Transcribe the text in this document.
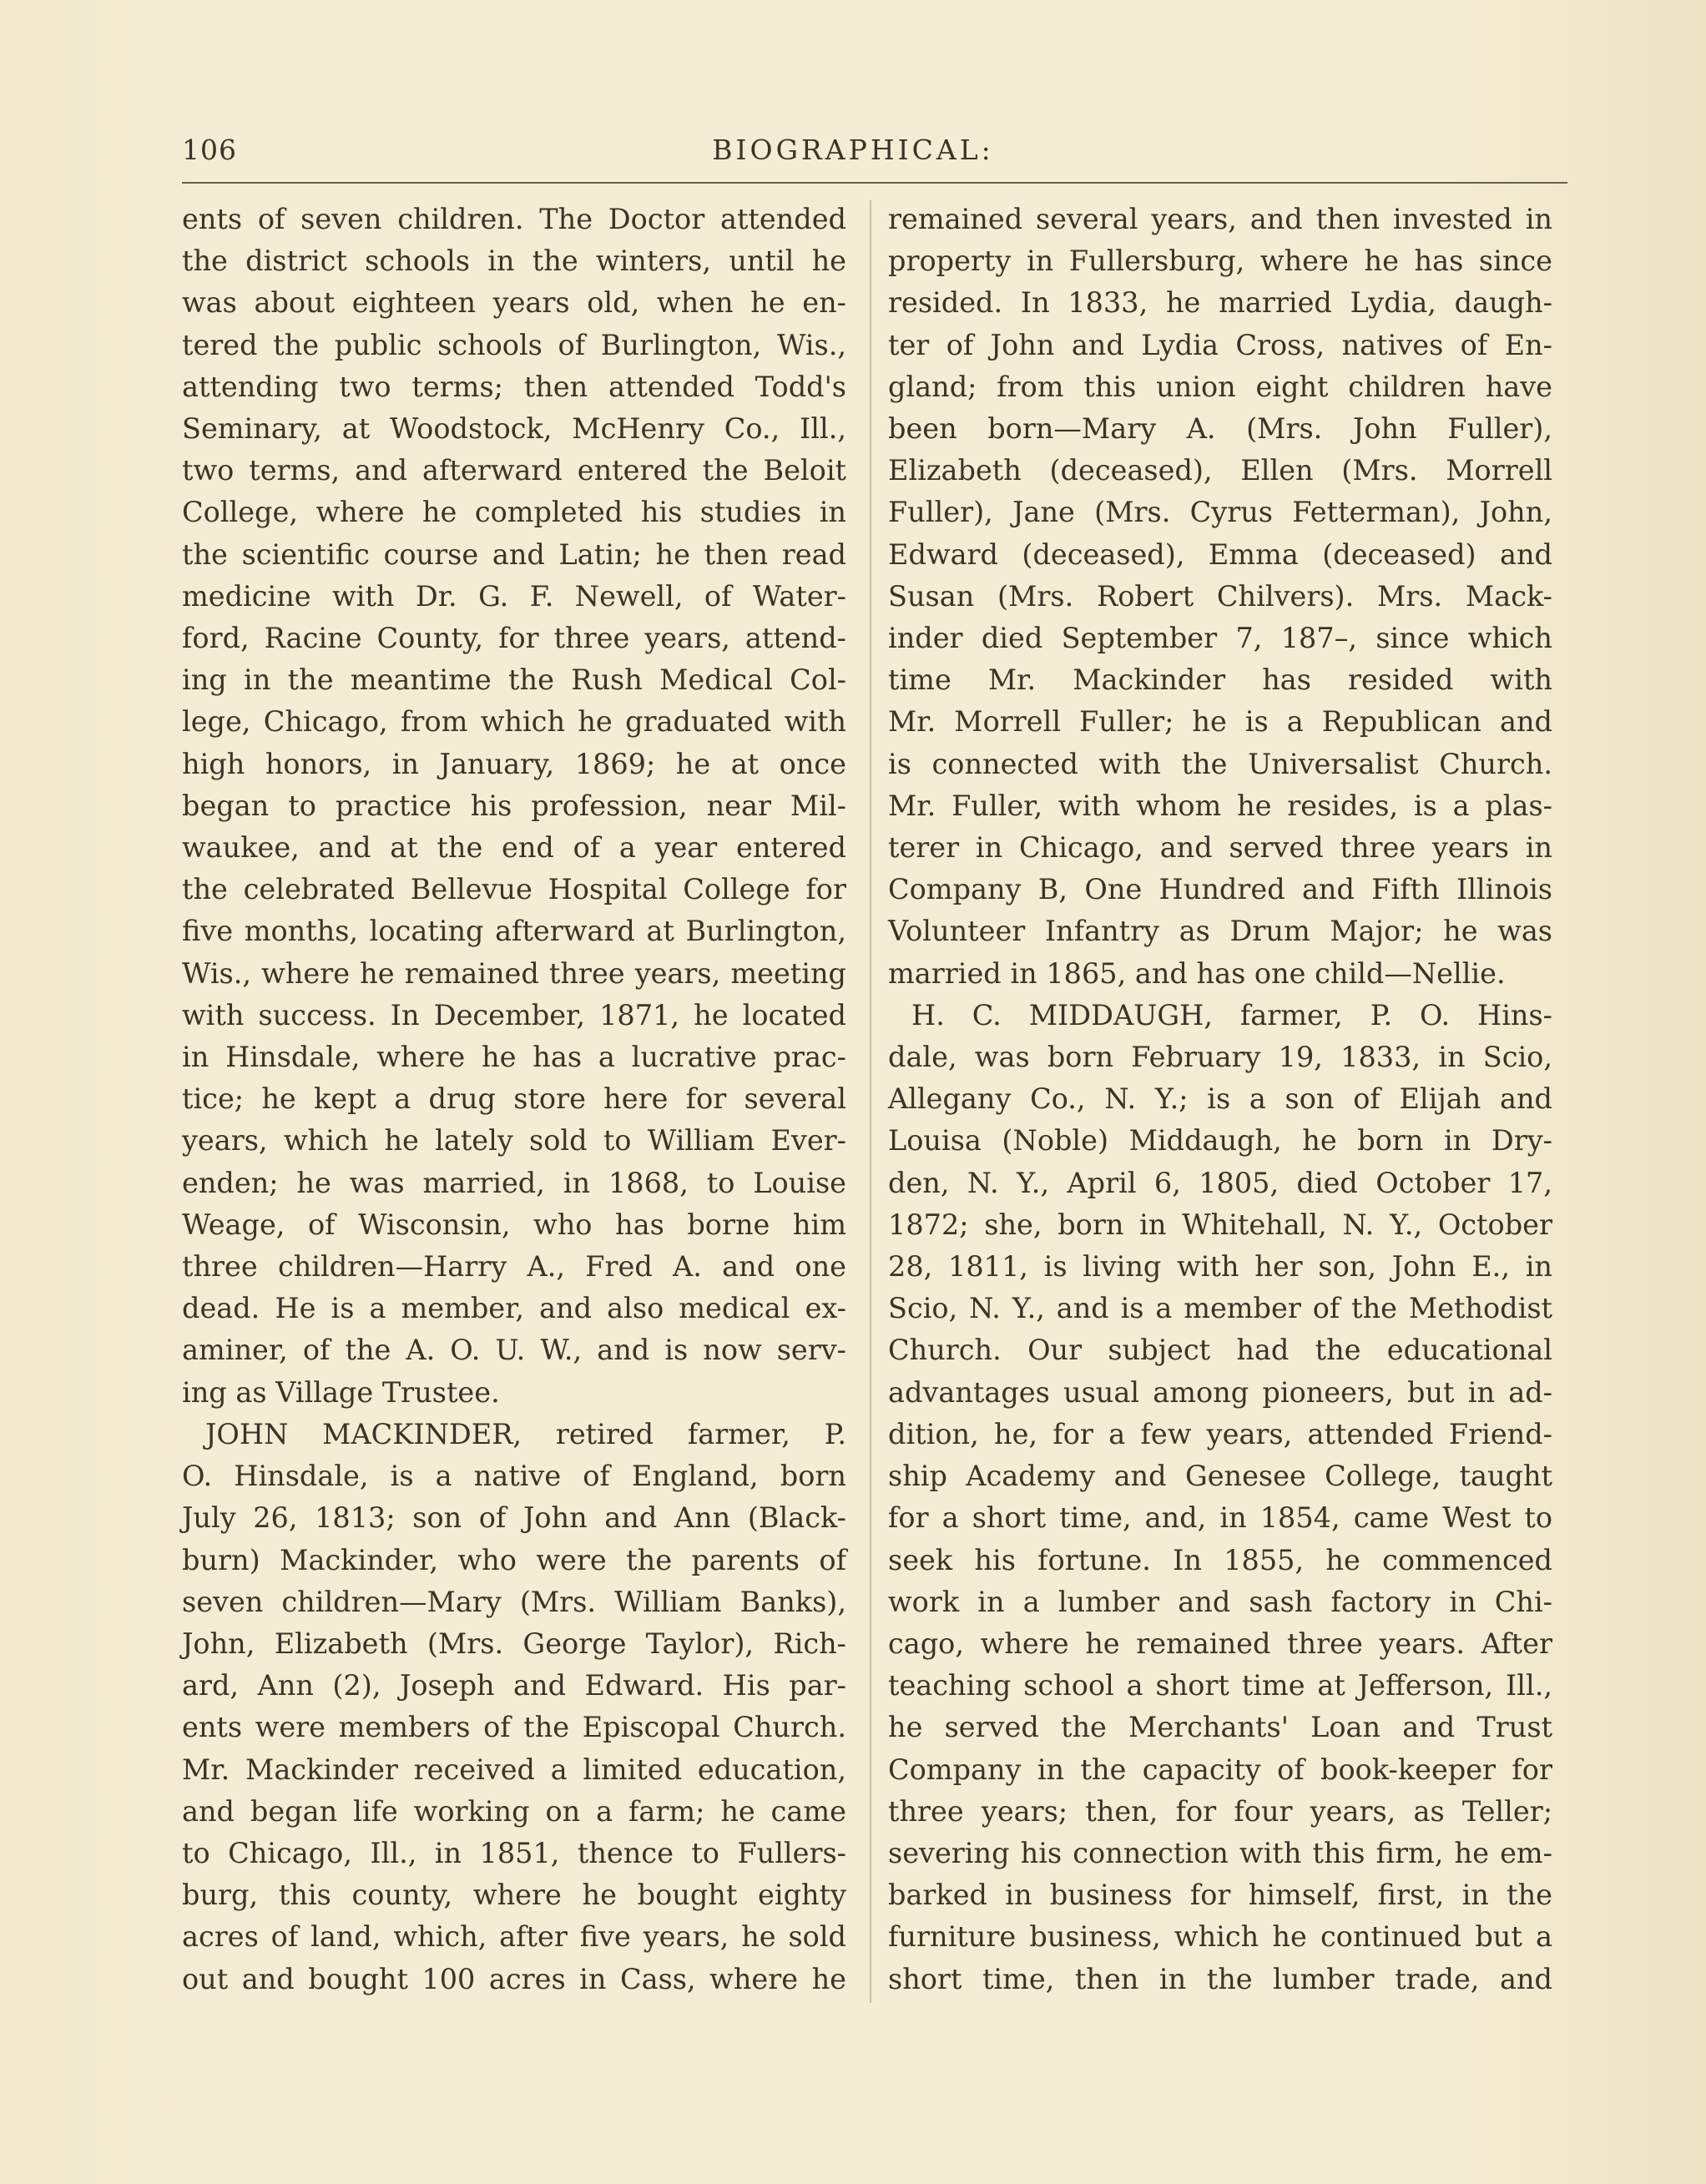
106	BIOGRAPHICAL:
ents of seven children. The Doctor attended
the district schools in the winters, until he
was about eighteen years old, when he en-
tered the public schools of Burlington, Wis.,
attending two terms; then attended Todd's
Seminary, at Woodstock, McHenry Co., Ill.,
two terms, and afterward entered the Beloit
College, where he completed his studies in
the scientific course and Latin; he then read
medicine with Dr. G. F. Newell, of Water-
ford, Racine County, for three years, attend-
ing in the meantime the Rush Medical Col-
lege, Chicago, from which he graduated with
high honors, in January, 1869; he at once
began to practice his profession, near Mil-
waukee, and at the end of a year entered
the celebrated Bellevue Hospital College for
five months, locating afterward at Burlington,
Wis., where he remained three years, meeting
with success. In December, 1871, he located
in Hinsdale, where he has a lucrative prac-
tice; he kept a drug store here for several
years, which he lately sold to William Ever-
enden; he was married, in 1868, to Louise
Weage, of Wisconsin, who has borne him
three children—Harry A., Fred A. and one
dead. He is a member, and also medical ex-
aminer, of the A. O. U. W., and is now serv-
ing as Village Trustee.
JOHN MACKINDER, retired farmer, P.
O. Hinsdale, is a native of England, born
July 26, 1813; son of John and Ann (Black-
burn) Mackinder, who were the parents of
seven children—Mary (Mrs. William Banks),
John, Elizabeth (Mrs. George Taylor), Rich-
ard, Ann (2), Joseph and Edward. His par-
ents were members of the Episcopal Church.
Mr. Mackinder received a limited education,
and began life working on a farm; he came
to Chicago, Ill., in 1851, thence to Fullers-
burg, this county, where he bought eighty
acres of land, which, after five years, he sold
out and bought 100 acres in Cass, where he
remained several years, and then invested in
property in Fullersburg, where he has since
resided. In 1833, he married Lydia, daugh-
ter of John and Lydia Cross, natives of En-
gland; from this union eight children have
been born—Mary A. (Mrs. John Fuller),
Elizabeth (deceased), Ellen (Mrs. Morrell
Fuller), Jane (Mrs. Cyrus Fetterman), John,
Edward (deceased), Emma (deceased) and
Susan (Mrs. Robert Chilvers). Mrs. Mack-
inder died September 7, 187–, since which
time Mr. Mackinder has resided with
Mr. Morrell Fuller; he is a Republican and
is connected with the Universalist Church.
Mr. Fuller, with whom he resides, is a plas-
terer in Chicago, and served three years in
Company B, One Hundred and Fifth Illinois
Volunteer Infantry as Drum Major; he was
married in 1865, and has one child—Nellie.
H. C. MIDDAUGH, farmer, P. O. Hins-
dale, was born February 19, 1833, in Scio,
Allegany Co., N. Y.; is a son of Elijah and
Louisa (Noble) Middaugh, he born in Dry-
den, N. Y., April 6, 1805, died October 17,
1872; she, born in Whitehall, N. Y., October
28, 1811, is living with her son, John E., in
Scio, N. Y., and is a member of the Methodist
Church. Our subject had the educational
advantages usual among pioneers, but in ad-
dition, he, for a few years, attended Friend-
ship Academy and Genesee College, taught
for a short time, and, in 1854, came West to
seek his fortune. In 1855, he commenced
work in a lumber and sash factory in Chi-
cago, where he remained three years. After
teaching school a short time at Jefferson, Ill.,
he served the Merchants' Loan and Trust
Company in the capacity of book-keeper for
three years; then, for four years, as Teller;
severing his connection with this firm, he em-
barked in business for himself, first, in the
furniture business, which he continued but a
short time, then in the lumber trade, and
